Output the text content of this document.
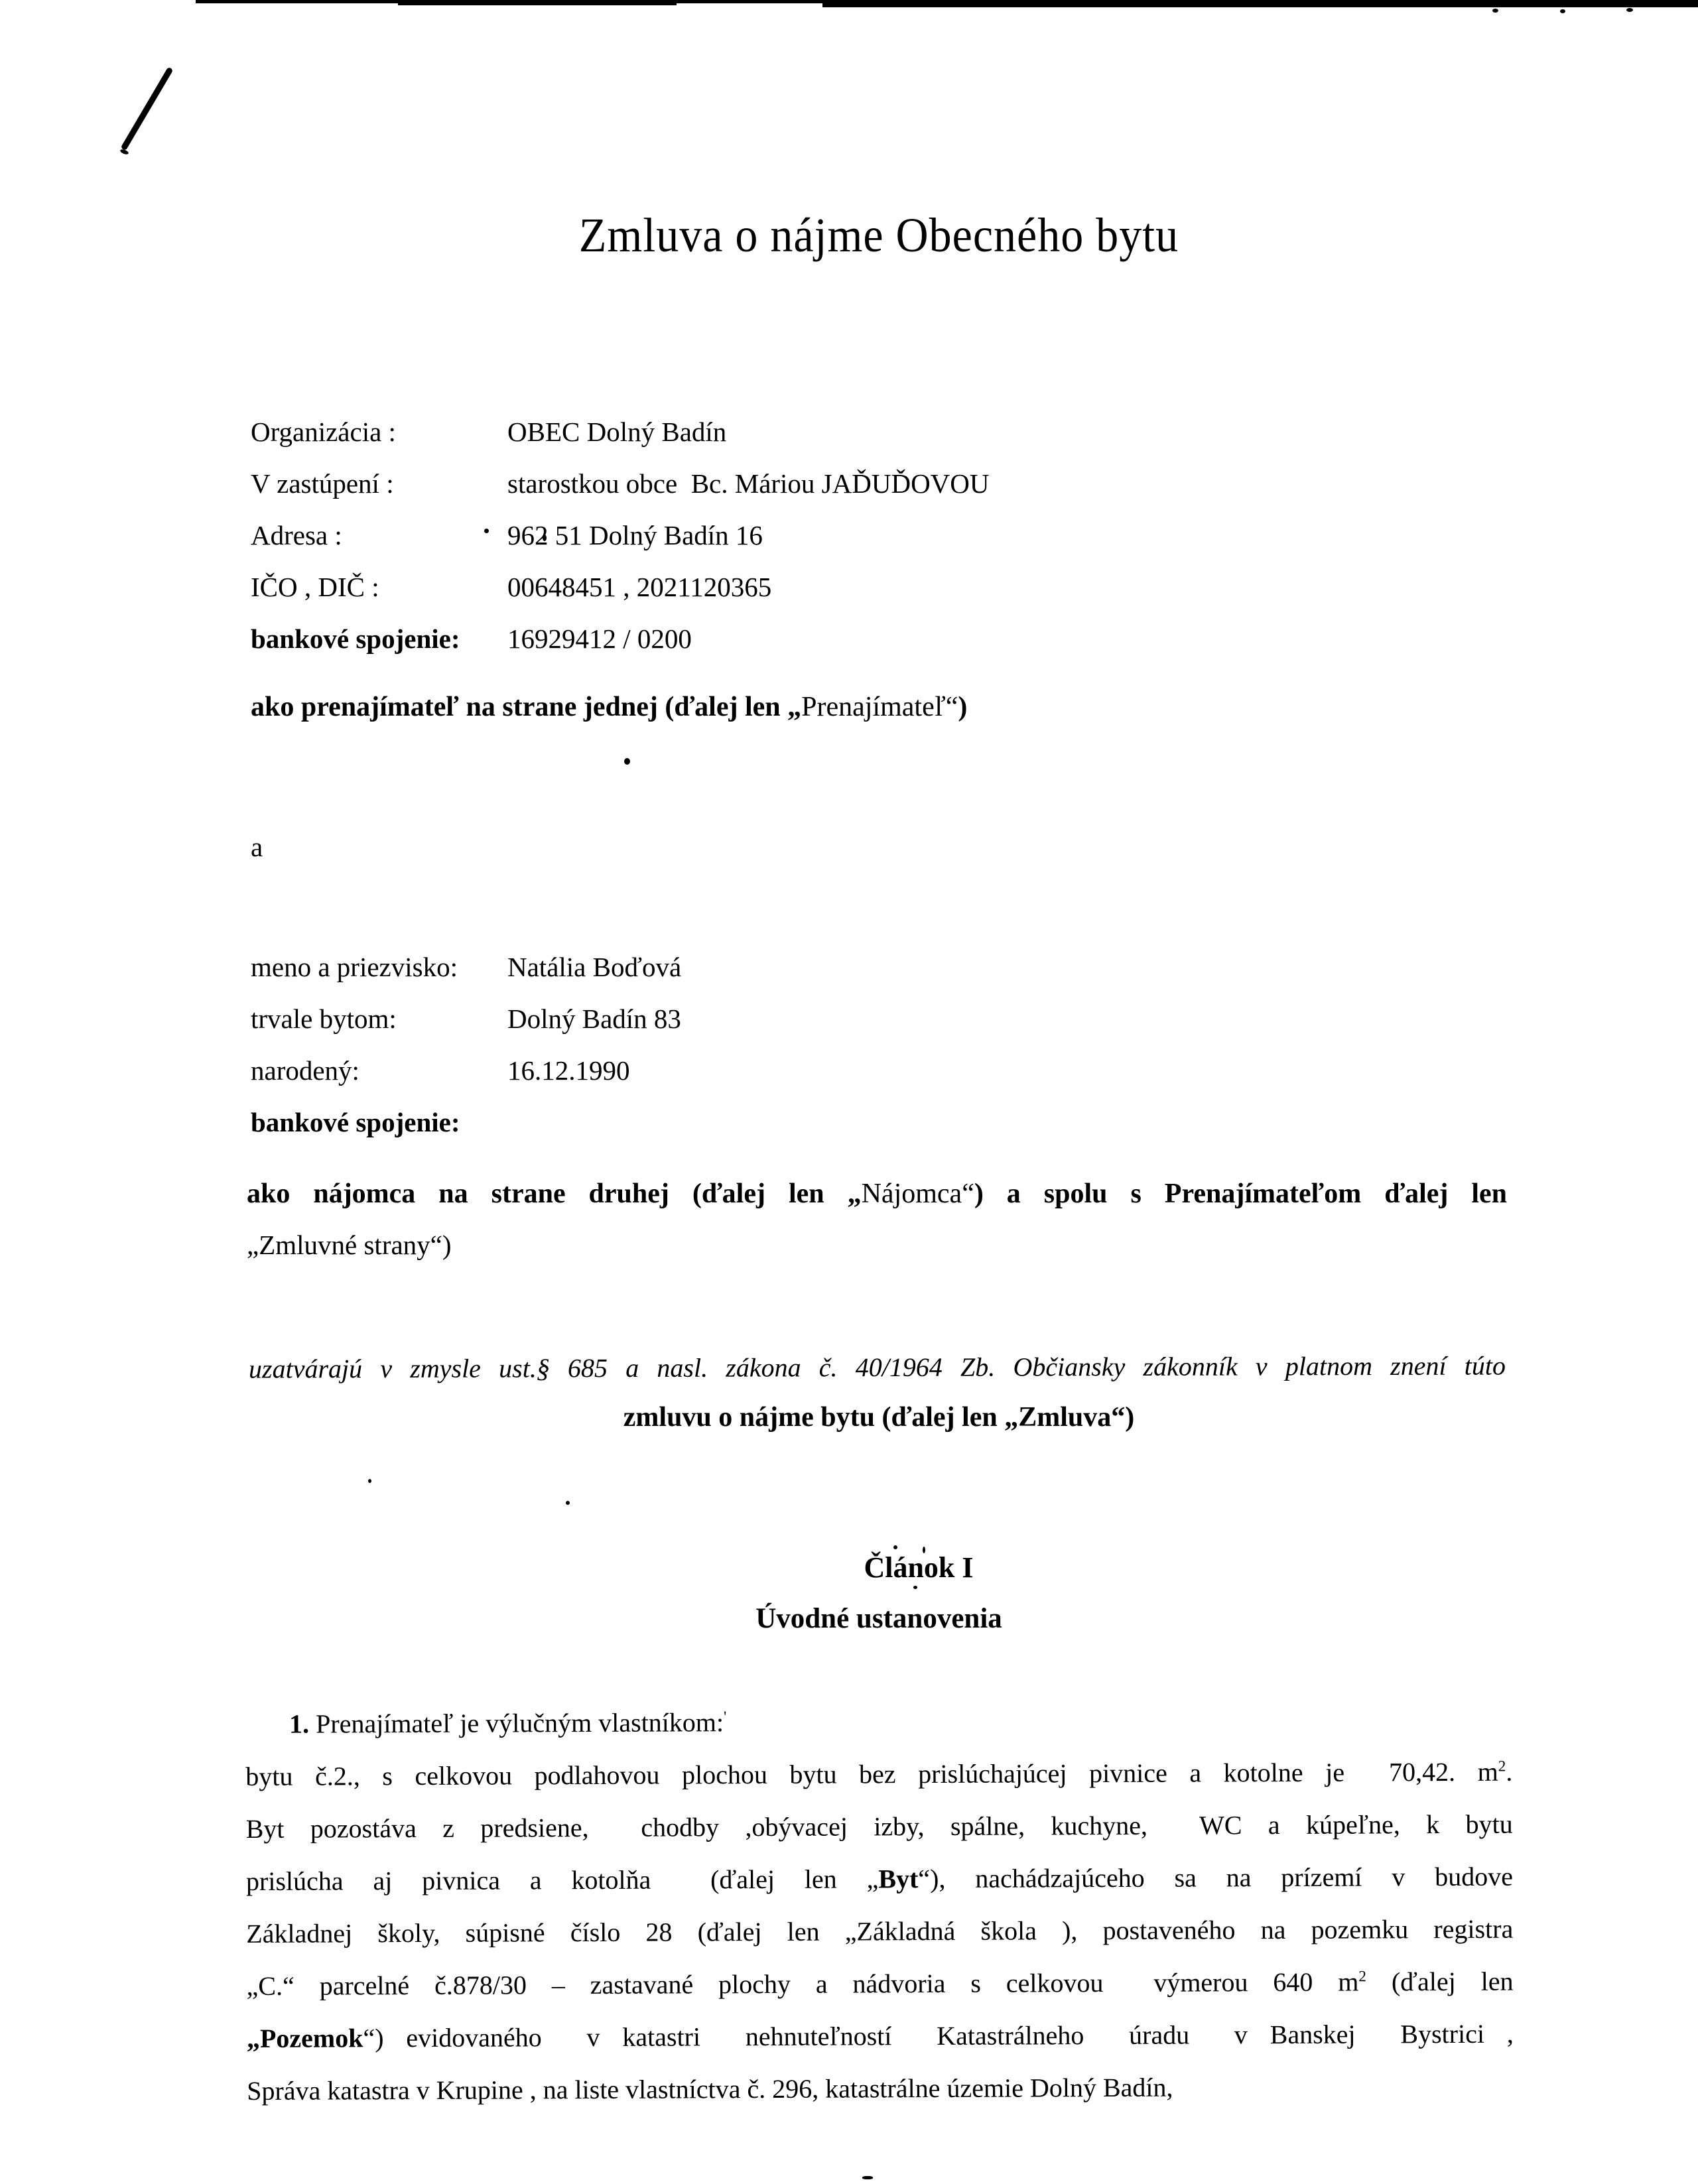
Zmluva o nájme Obecného bytu
Organizácia :	OBEC Dolný Badín
V zastúpení :	starostkou obce  Bc. Máriou JAĎUĎOVOU
Adresa :	962 51 Dolný Badín 16
IČO , DIČ :	00648451 , 2021120365
bankové spojenie:	16929412 / 0200
ako prenajímateľ na strane jednej (ďalej len „Prenajímateľ“)
a
meno a priezvisko:	Natália Boďová
trvale bytom:	Dolný Badín 83
narodený:	16.12.1990
bankové spojenie:
ako nájomca na strane druhej (ďalej len „Nájomca“) a spolu s Prenajímateľom ďalej len
„Zmluvné strany“)
uzatvárajú v zmysle ust.§ 685 a nasl. zákona č. 40/1964 Zb. Občiansky zákonník v platnom znení túto
zmluvu o nájme bytu (ďalej len „Zmluva“)
Článok I
Úvodné ustanovenia
1. Prenajímateľ je výlučným vlastníkom:'
bytu č.2., s celkovou podlahovou plochou bytu bez prislúchajúcej pivnice a kotolne je  70,42. $m^2$.
Byt pozostáva z predsiene,  chodby ,obývacej izby, spálne, kuchyne,  WC a kúpeľne, k bytu
prislúcha aj pivnica a kotolňa  (ďalej len „Byt“), nachádzajúceho sa na prízemí v budove
Základnej školy, súpisné číslo 28 (ďalej len „Základná škola ), postaveného na pozemku registra
„C.“ parcelné č.878/30 – zastavané plochy a nádvoria s celkovou  výmerou 640 $m^2$ (ďalej len
„Pozemok“) evidovaného  v katastri  nehnuteľností  Katastrálneho  úradu  v Banskej  Bystrici ,
Správa katastra v Krupine , na liste vlastníctva č. 296, katastrálne územie Dolný Badín,
